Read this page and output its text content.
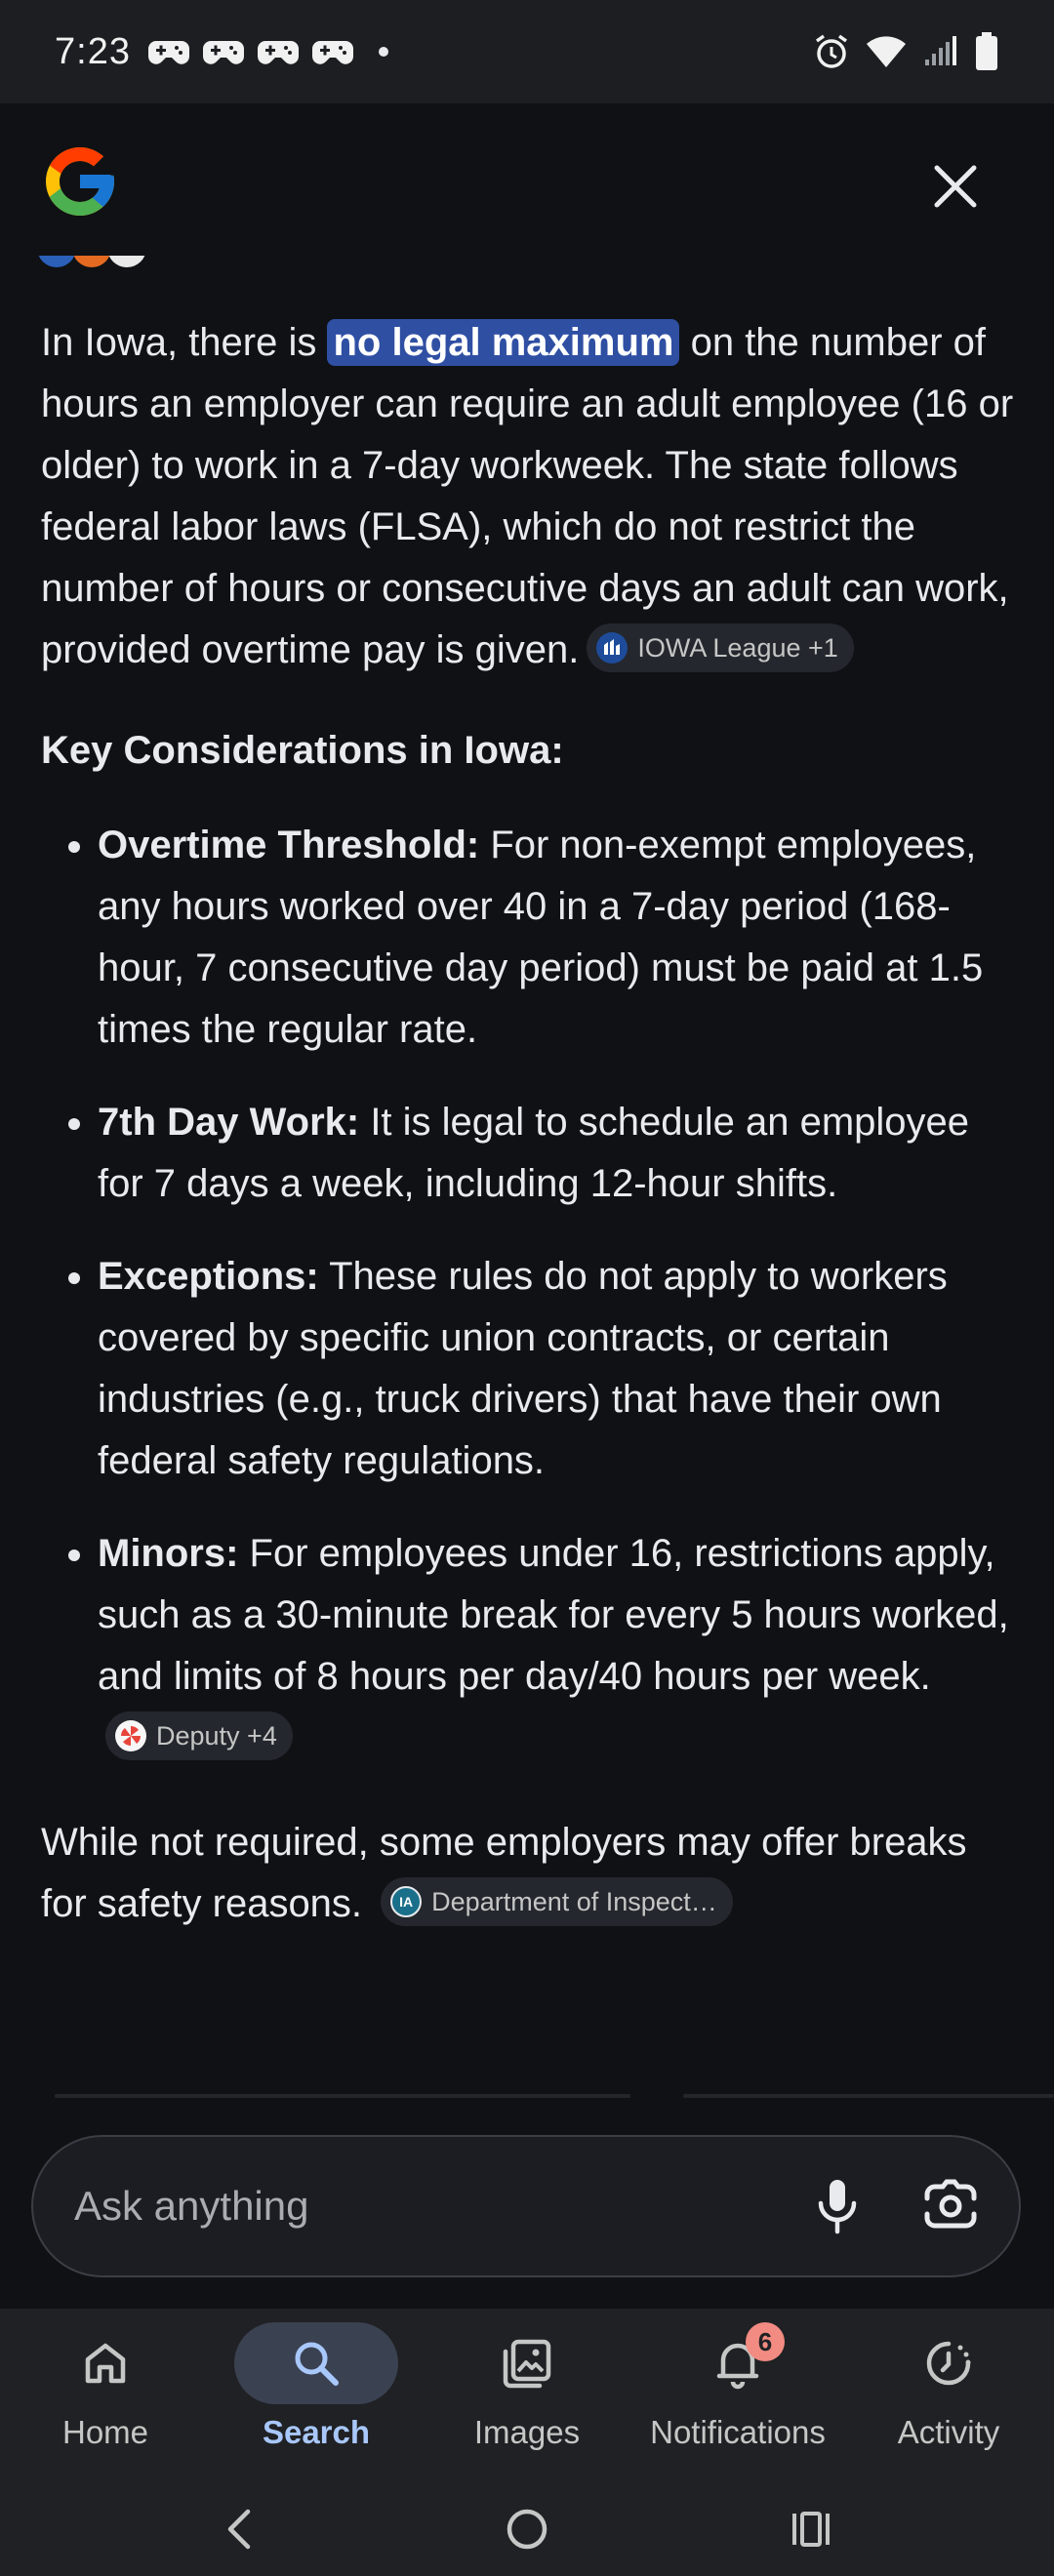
7:23

In Iowa, there is no legal maximum on the number of hours an employer can require an adult employee (16 or older) to work in a 7-day workweek. The state follows federal labor laws (FLSA), which do not restrict the number of hours or consecutive days an adult can work, provided overtime pay is given. IOWA League +1

Key Considerations in Iowa:

• Overtime Threshold: For non-exempt employees, any hours worked over 40 in a 7-day period (168-hour, 7 consecutive day period) must be paid at 1.5 times the regular rate.
• 7th Day Work: It is legal to schedule an employee for 7 days a week, including 12-hour shifts.
• Exceptions: These rules do not apply to workers covered by specific union contracts, or certain industries (e.g., truck drivers) that have their own federal safety regulations.
• Minors: For employees under 16, restrictions apply, such as a 30-minute break for every 5 hours worked, and limits of 8 hours per day/40 hours per week.
Deputy +4

While not required, some employers may offer breaks for safety reasons.	IA Department of Inspect…

Ask anything
Home	Search	Images
6
Notifications	Activity
